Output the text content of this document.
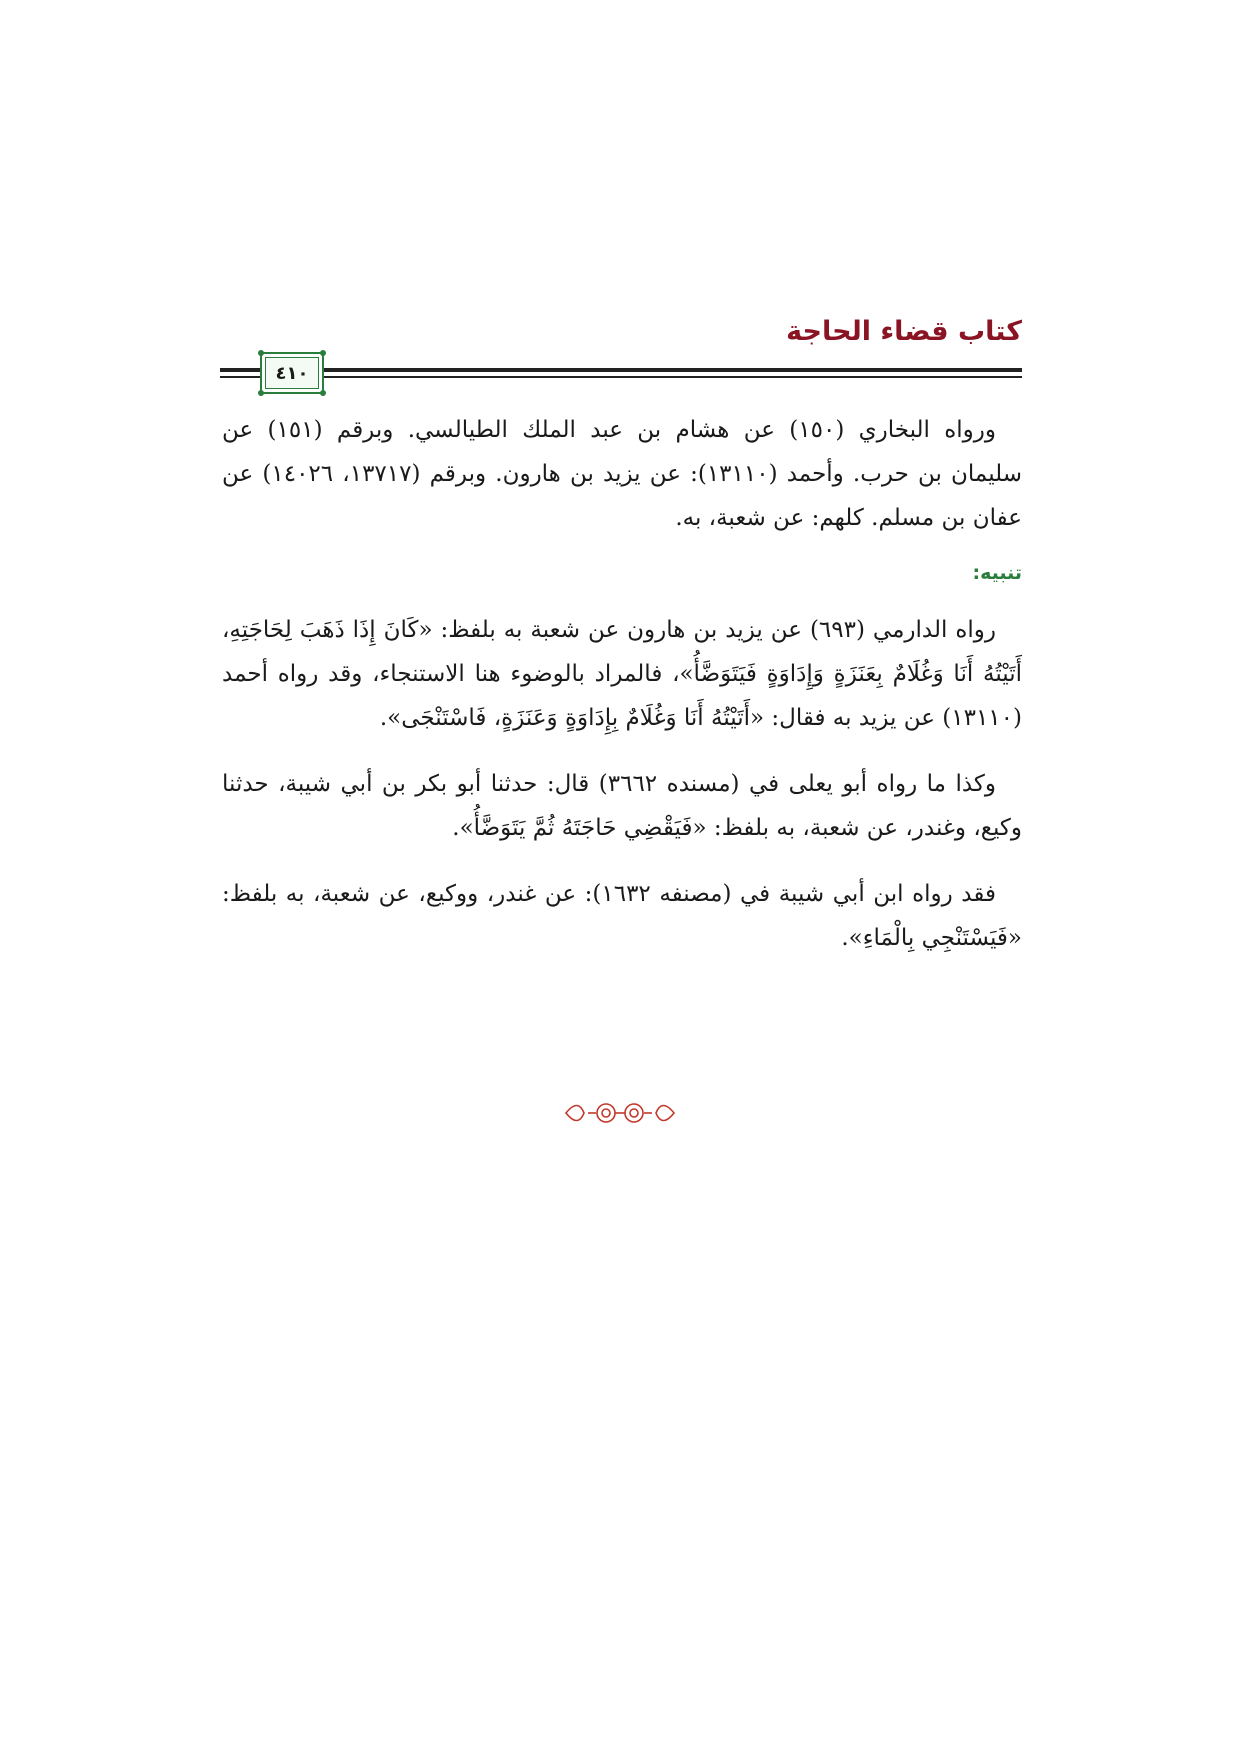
كتاب قضاء الحاجة
٤١٠

ورواه البخاري (١٥٠) عن هشام بن عبد الملك الطيالسي. وبرقم (١٥١) عن سليمان بن حرب. وأحمد (١٣١١٠): عن يزيد بن هارون. وبرقم (١٣٧١٧، ١٤٠٢٦) عن عفان بن مسلم. كلهم: عن شعبة، به.

تنبيه:

رواه الدارمي (٦٩٣) عن يزيد بن هارون عن شعبة به بلفظ: «كَانَ إِذَا ذَهَبَ لِحَاجَتِهِ، أَتَيْتُهُ أَنَا وَغُلَامٌ بِعَنَزَةٍ وَإِدَاوَةٍ فَيَتَوَضَّأُ»، فالمراد بالوضوء هنا الاستنجاء، وقد رواه أحمد (١٣١١٠) عن يزيد به فقال: «أَتَيْتُهُ أَنَا وَغُلَامٌ بِإِدَاوَةٍ وَعَنَزَةٍ، فَاسْتَنْجَى».

وكذا ما رواه أبو يعلى في (مسنده ٣٦٦٢) قال: حدثنا أبو بكر بن أبي شيبة، حدثنا وكيع، وغندر، عن شعبة، به بلفظ: «فَيَقْضِي حَاجَتَهُ ثُمَّ يَتَوَضَّأُ».

فقد رواه ابن أبي شيبة في (مصنفه ١٦٣٢): عن غندر، ووكيع، عن شعبة، به بلفظ: «فَيَسْتَنْجِي بِالْمَاءِ».
